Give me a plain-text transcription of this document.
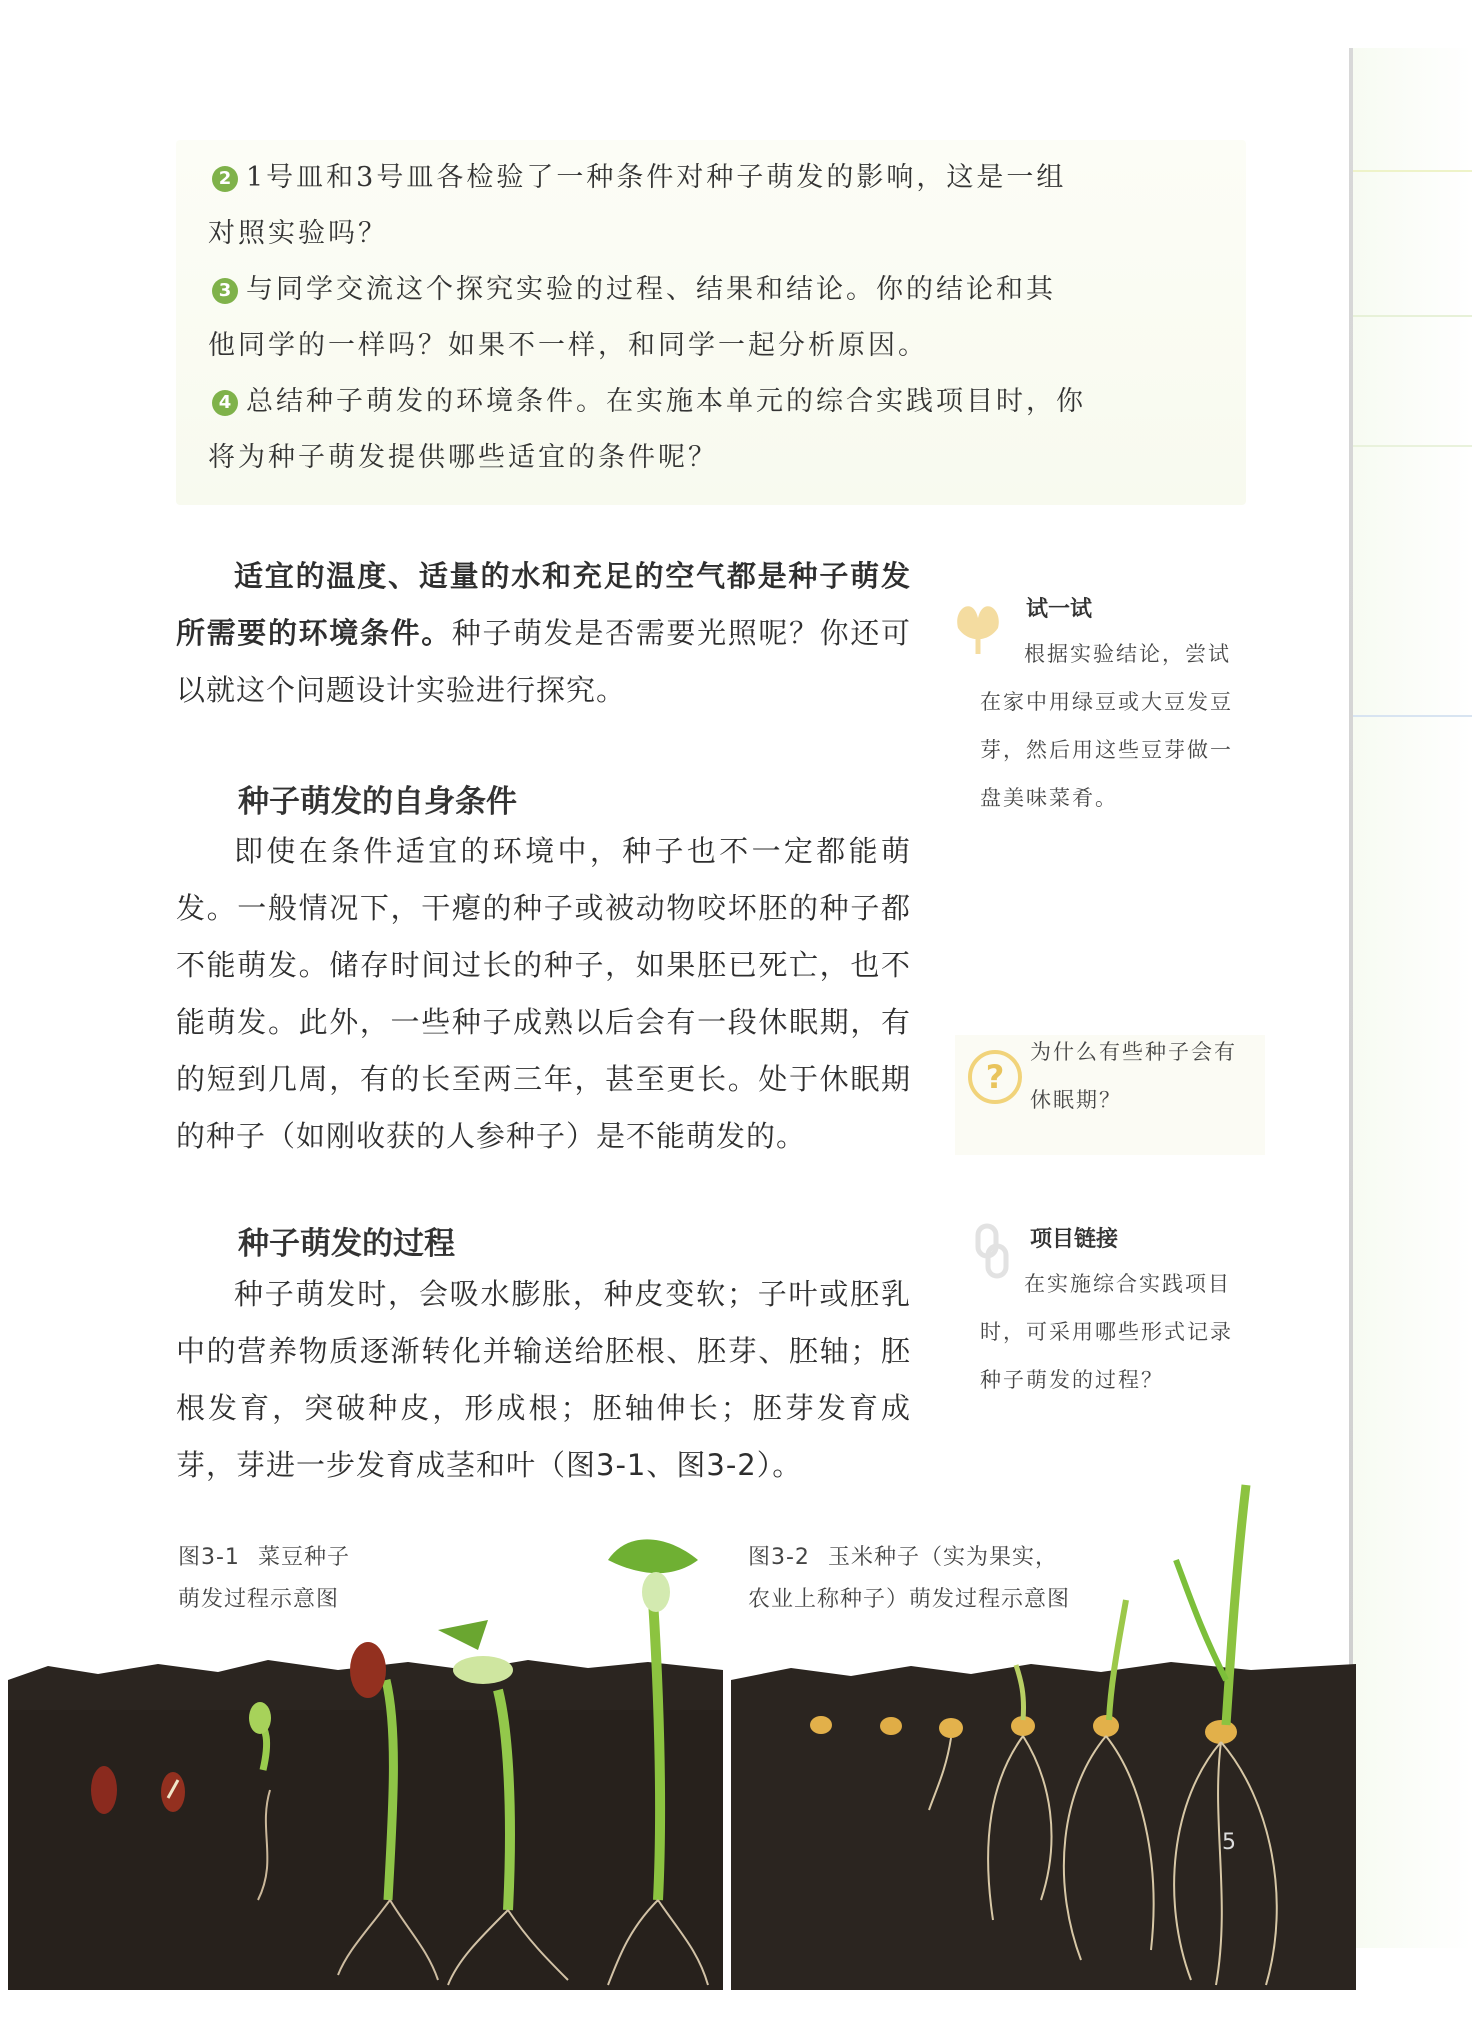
2 1号皿和3号皿各检验了一种条件对种子萌发的影响，这是一组
对照实验吗？
3 与同学交流这个探究实验的过程、结果和结论。你的结论和其
他同学的一样吗？如果不一样，和同学一起分析原因。
4 总结种子萌发的环境条件。在实施本单元的综合实践项目时，你
将为种子萌发提供哪些适宜的条件呢？

适宜的温度、适量的水和充足的空气都是种子萌发所需要的环境条件。种子萌发是否需要光照呢？你还可以就这个问题设计实验进行探究。

种子萌发的自身条件

即使在条件适宜的环境中，种子也不一定都能萌发。一般情况下，干瘪的种子或被动物咬坏胚的种子都不能萌发。储存时间过长的种子，如果胚已死亡，也不能萌发。此外，一些种子成熟以后会有一段休眠期，有的短到几周，有的长至两三年，甚至更长。处于休眠期的种子（如刚收获的人参种子）是不能萌发的。

种子萌发的过程

种子萌发时，会吸水膨胀，种皮变软；子叶或胚乳中的营养物质逐渐转化并输送给胚根、胚芽、胚轴；胚根发育，突破种皮，形成根；胚轴伸长；胚芽发育成芽，芽进一步发育成茎和叶（图3-1、图3-2）。

试一试

根据实验结论，尝试在家中用绿豆或大豆发豆芽，然后用这些豆芽做一盘美味菜肴。

?

为什么有些种子会有休眠期？

项目链接

在实施综合实践项目时，可采用哪些形式记录种子萌发的过程？

图3-1 菜豆种子
萌发过程示意图
图3-2 玉米种子（实为果实，
农业上称种子）萌发过程示意图
5
